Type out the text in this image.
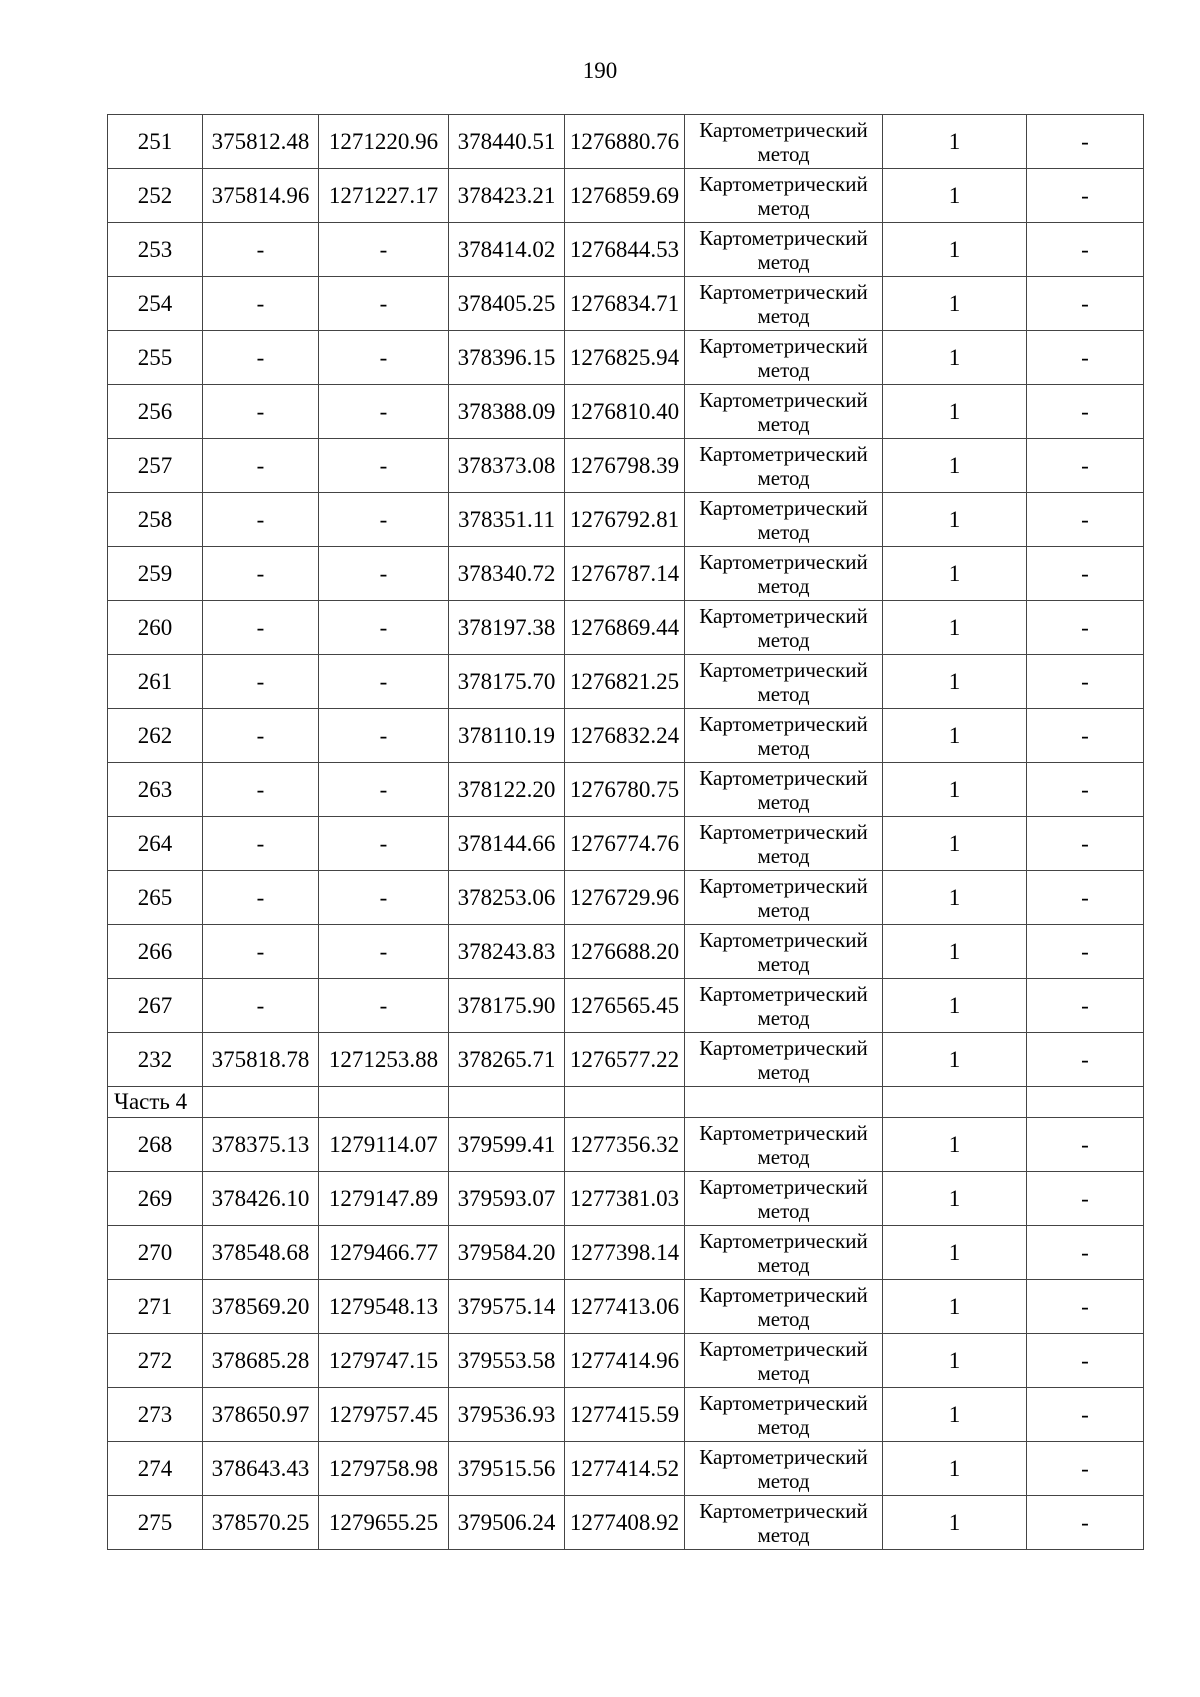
190
251	375812.48	1271220.96	378440.51	1276880.76	Картометрический метод	1	-
252	375814.96	1271227.17	378423.21	1276859.69	Картометрический метод	1	-
253	-	-	378414.02	1276844.53	Картометрический метод	1	-
254	-	-	378405.25	1276834.71	Картометрический метод	1	-
255	-	-	378396.15	1276825.94	Картометрический метод	1	-
256	-	-	378388.09	1276810.40	Картометрический метод	1	-
257	-	-	378373.08	1276798.39	Картометрический метод	1	-
258	-	-	378351.11	1276792.81	Картометрический метод	1	-
259	-	-	378340.72	1276787.14	Картометрический метод	1	-
260	-	-	378197.38	1276869.44	Картометрический метод	1	-
261	-	-	378175.70	1276821.25	Картометрический метод	1	-
262	-	-	378110.19	1276832.24	Картометрический метод	1	-
263	-	-	378122.20	1276780.75	Картометрический метод	1	-
264	-	-	378144.66	1276774.76	Картометрический метод	1	-
265	-	-	378253.06	1276729.96	Картометрический метод	1	-
266	-	-	378243.83	1276688.20	Картометрический метод	1	-
267	-	-	378175.90	1276565.45	Картометрический метод	1	-
232	375818.78	1271253.88	378265.71	1276577.22	Картометрический метод	1	-
Часть 4							
268	378375.13	1279114.07	379599.41	1277356.32	Картометрический метод	1	-
269	378426.10	1279147.89	379593.07	1277381.03	Картометрический метод	1	-
270	378548.68	1279466.77	379584.20	1277398.14	Картометрический метод	1	-
271	378569.20	1279548.13	379575.14	1277413.06	Картометрический метод	1	-
272	378685.28	1279747.15	379553.58	1277414.96	Картометрический метод	1	-
273	378650.97	1279757.45	379536.93	1277415.59	Картометрический метод	1	-
274	378643.43	1279758.98	379515.56	1277414.52	Картометрический метод	1	-
275	378570.25	1279655.25	379506.24	1277408.92	Картометрический метод	1	-
